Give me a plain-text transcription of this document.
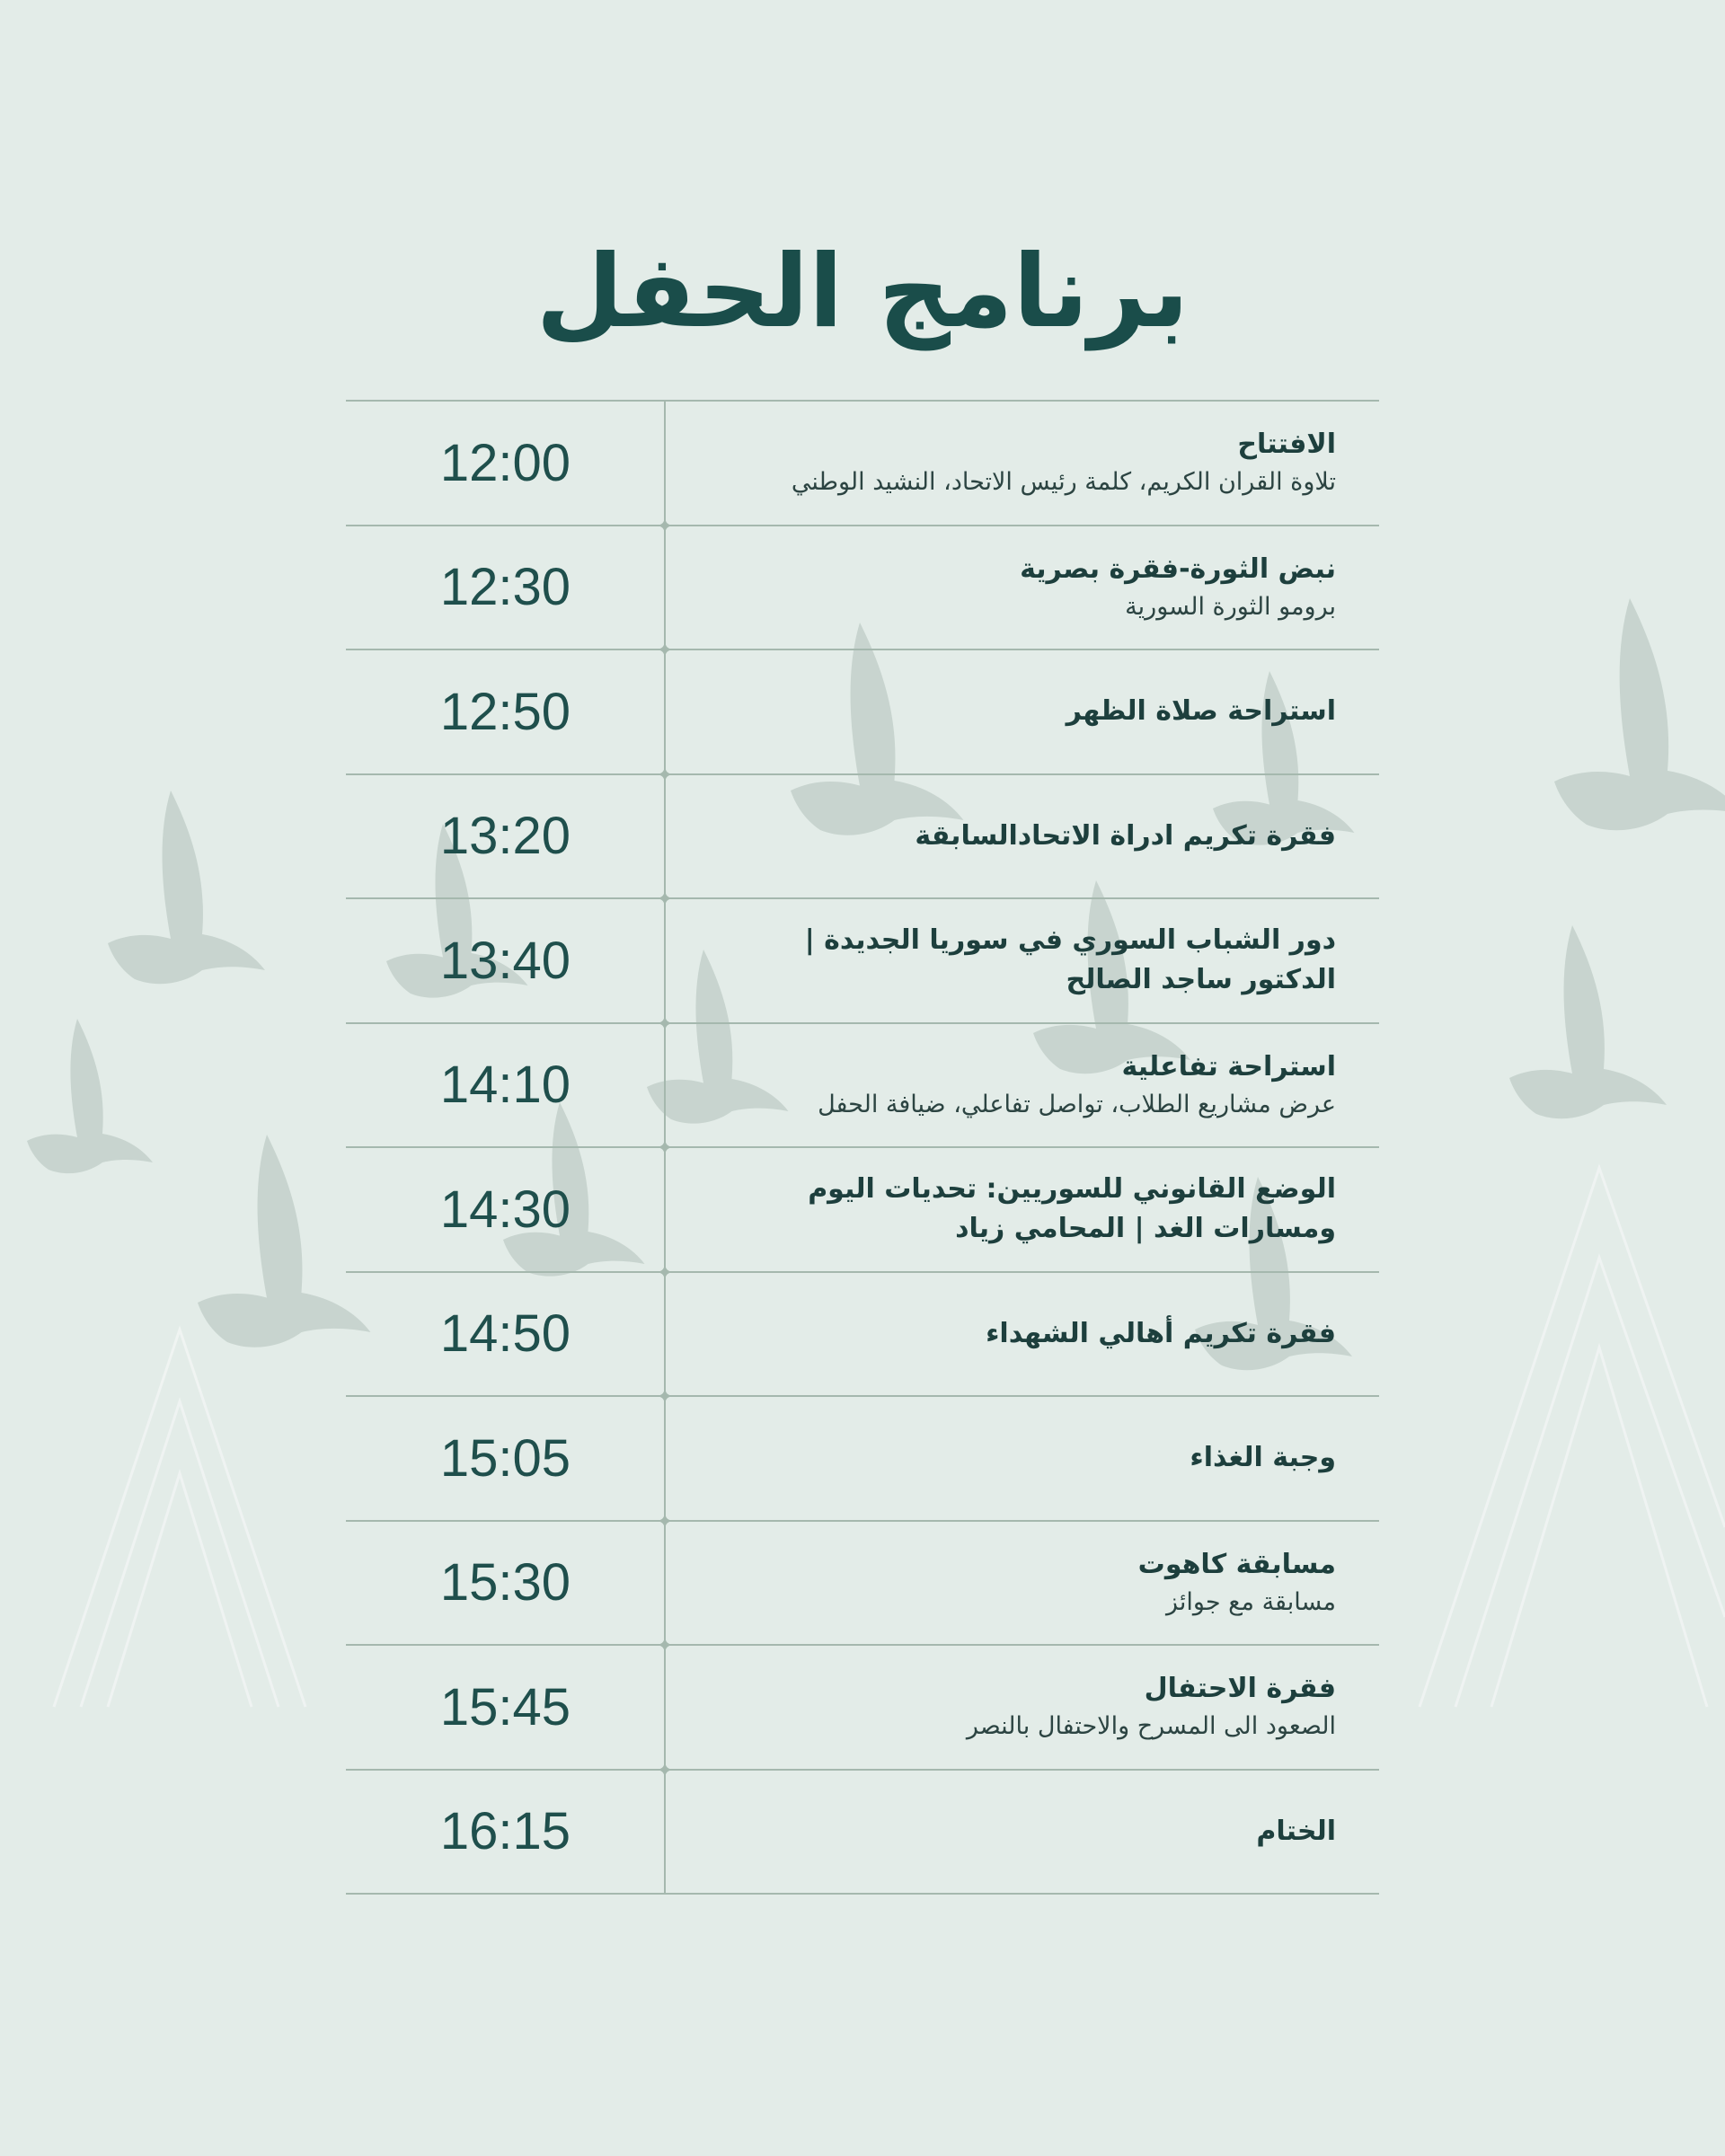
برنامج الحفل
12:00	الافتتاح
تلاوة القران الكريم، كلمة رئيس الاتحاد، النشيد الوطني
12:30	نبض الثورة-فقرة بصرية
برومو الثورة السورية
12:50	استراحة صلاة الظهر
13:20	فقرة تكريم ادراة الاتحادالسابقة
13:40	دور الشباب السوري في سوريا الجديدة | الدكتور ساجد الصالح
14:10	استراحة تفاعلية
عرض مشاريع الطلاب، تواصل تفاعلي، ضيافة الحفل
14:30	الوضع القانوني للسوريين: تحديات اليوم ومسارات الغد | المحامي زياد
14:50	فقرة تكريم أهالي الشهداء
15:05	وجبة الغذاء
15:30	مسابقة كاهوت
مسابقة مع جوائز
15:45	فقرة الاحتفال
الصعود الى المسرح والاحتفال بالنصر
16:15	الختام
